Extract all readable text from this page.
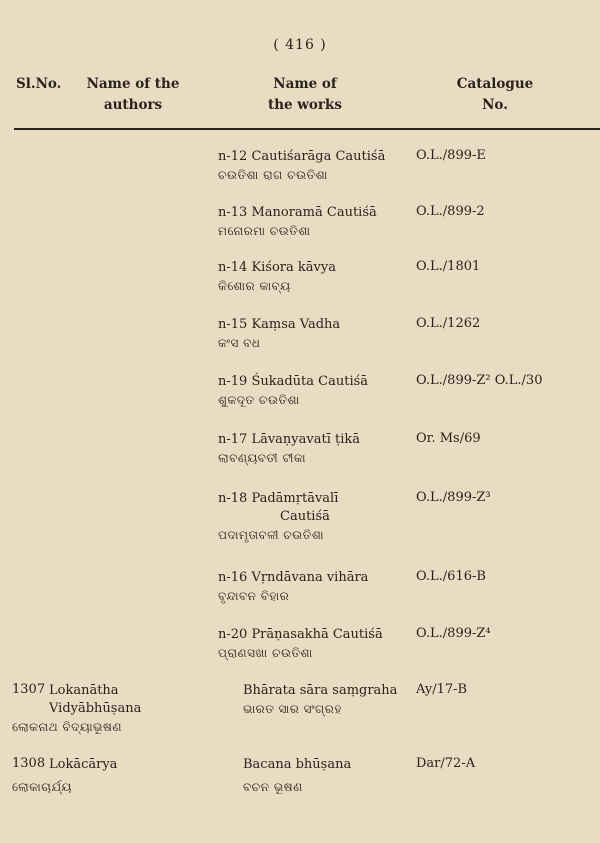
( 416 )
Sl.No.	Name of the
authors
Name of
the works
Catalogue
No.
n-12 Cautiśarāga Cautiśā
ଚଉତିଶା ରାଗ ଚଉତିଶା
O.L./899-E
n-13 Manoramā Cautiśā
ମନୋରମା ଚଉତିଶା
O.L./899-2
n-14 Kiśora kāvya
କିଶୋର କାବ୍ୟ
O.L./1801
n-15 Kaṃsa Vadha
କଂସ ବଧ
O.L./1262
n-19 Śukadūta Cautiśā
ଶୁକଦୂତ ଚଉତିଶା
O.L./899-Z² O.L./30
n-17 Lāvaṇyavatī ṭikā
ଲାବଣ୍ୟବତୀ ଟୀକା
Or. Ms/69
n-18 Padāmṛtāvalī
Cautiśā
ପଦାମୃତାବଳୀ ଚଉତିଶା
O.L./899-Z³
n-16 Vṛndāvana vihāra
ବୃନ୍ଦାବନ ବିହାର
O.L./616-B
n-20 Prāṇasakhā Cautiśā
ପ୍ରାଣସଖା ଚଉତିଶା
O.L./899-Z⁴
1307 Lokanātha
Vidyābhūṣana
ଲୋକନାଥ ବିଦ୍ୟାଭୂଷଣ
Bhārata sāra saṃgraha
ଭାରତ ସାର ସଂଗ୍ରହ
Ay/17-B
1308 Lokācārya
ଲୋକାଚାର୍ଯ୍ୟ
Bacana bhūṣana
ବଚନ ଭୂଷଣ
Dar/72-A
